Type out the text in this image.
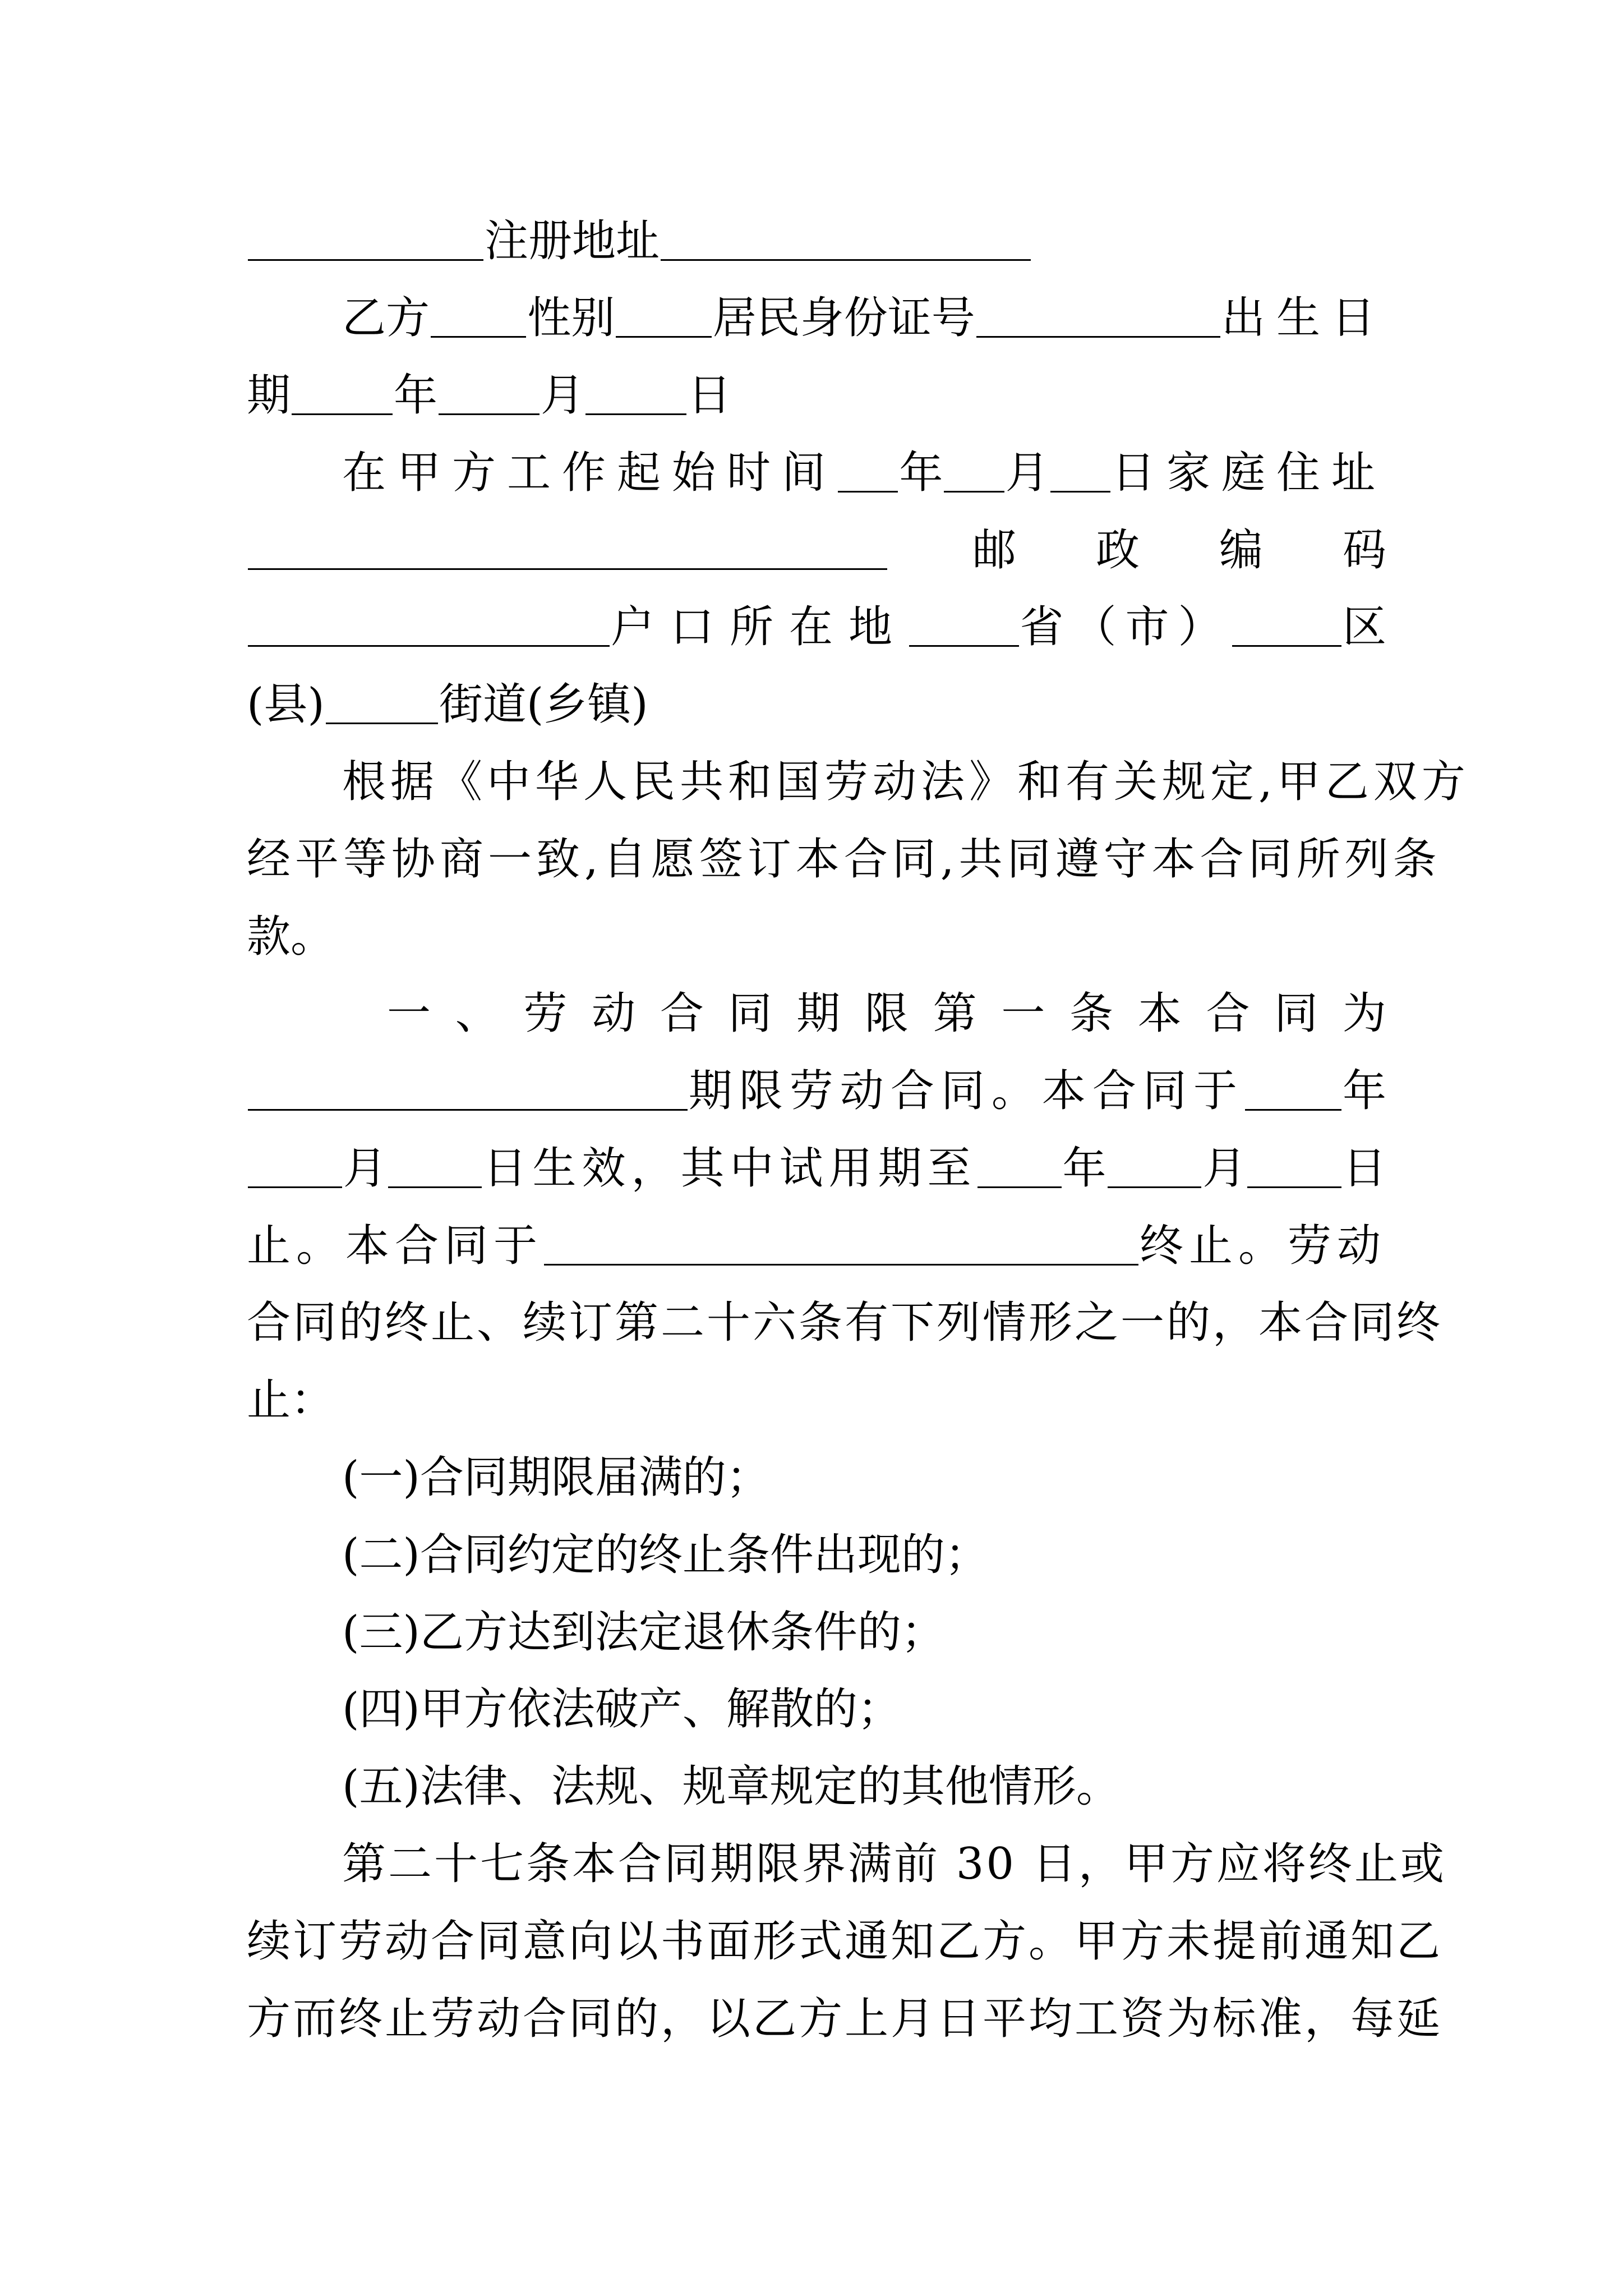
注册地址
乙方 性别 居民身份证号	出生日
期 年 月 日
在甲方工作起始时间 年 月 日家庭住址
邮 政 编 码
户口所在地	省（市）	区
(县)	街道(乡镇)
根据《中华人民共和国劳动法》和有关规定,甲乙双方
经平等协商一致,自愿签订本合同,共同遵守本合同所列条
款。
一 、 劳 动 合 同 期 限 第 一 条 本 合 同 为
期限劳动合同。本合同于 年
月 日生效，其中试用期至 年 月 日
止。本合同于	终止。劳动
合同的终止、续订第二十六条有下列情形之一的，本合同终
止：
(一)合同期限届满的；
(二)合同约定的终止条件出现的；
(三)乙方达到法定退休条件的；
(四)甲方依法破产、解散的；
(五)法律、法规、规章规定的其他情形。
第二十七条本合同期限界满前 30 日，甲方应将终止或
续订劳动合同意向以书面形式通知乙方。甲方未提前通知乙
方而终止劳动合同的，以乙方上月日平均工资为标准，每延
